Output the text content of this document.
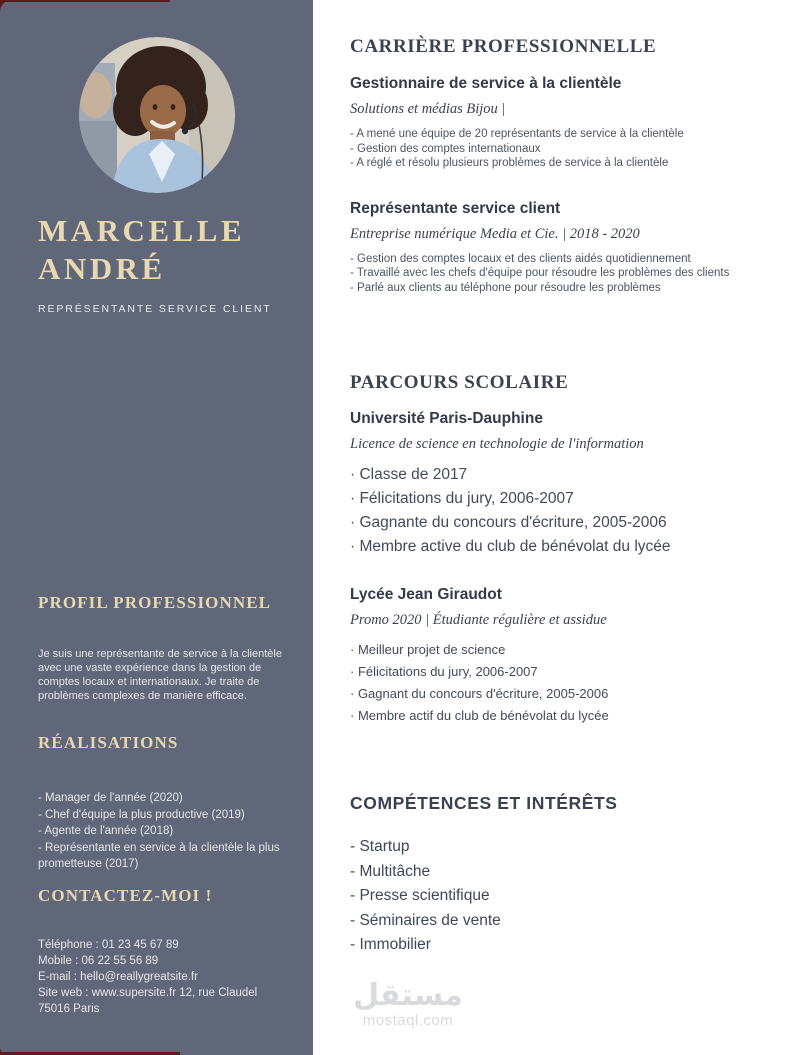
MARCELLE
ANDRÉ
REPRÉSENTANTE SERVICE CLIENT
PROFIL PROFESSIONNEL

Je suis une représentante de service à la clientèle avec une vaste expérience dans la gestion de comptes locaux et internationaux. Je traite de problèmes complexes de manière efficace.

RÉALISATIONS
- Manager de l'année (2020)
- Chef d'équipe la plus productive (2019)
- Agente de l'année (2018)
- Représentante en service à la clientèle la plus prometteuse (2017)
CONTACTEZ-MOI !
Téléphone : 01 23 45 67 89
Mobile : 06 22 55 56 89
E-mail : hello@reallygreatsite.fr
Site web : www.supersite.fr 12, rue Claudel
75016 Paris
CARRIÈRE PROFESSIONNELLE
Gestionnaire de service à la clientèle

Solutions et médias Bijou |

- A mené une équipe de 20 représentants de service à la clientèle
- Gestion des comptes internationaux
- A réglé et résolu plusieurs problèmes de service à la clientèle
Représentante service client

Entreprise numérique Media et Cie. | 2018 - 2020

- Gestion des comptes locaux et des clients aidés quotidiennement
- Travaillé avec les chefs d'équipe pour résoudre les problèmes des clients
- Parlé aux clients au téléphone pour résoudre les problèmes
PARCOURS SCOLAIRE
Université Paris-Dauphine

Licence de science en technologie de l'information

· Classe de 2017
· Félicitations du jury, 2006-2007
· Gagnante du concours d'écriture, 2005-2006
· Membre active du club de bénévolat du lycée
Lycée Jean Giraudot

Promo 2020 | Étudiante régulière et assidue

· Meilleur projet de science
· Félicitations du jury, 2006-2007
· Gagnant du concours d'écriture, 2005-2006
· Membre actif du club de bénévolat du lycée
COMPÉTENCES ET INTÉRÊTS
- Startup
- Multitâche
- Presse scientifique
- Séminaires de vente
- Immobilier
مستقل
mostaql.com
